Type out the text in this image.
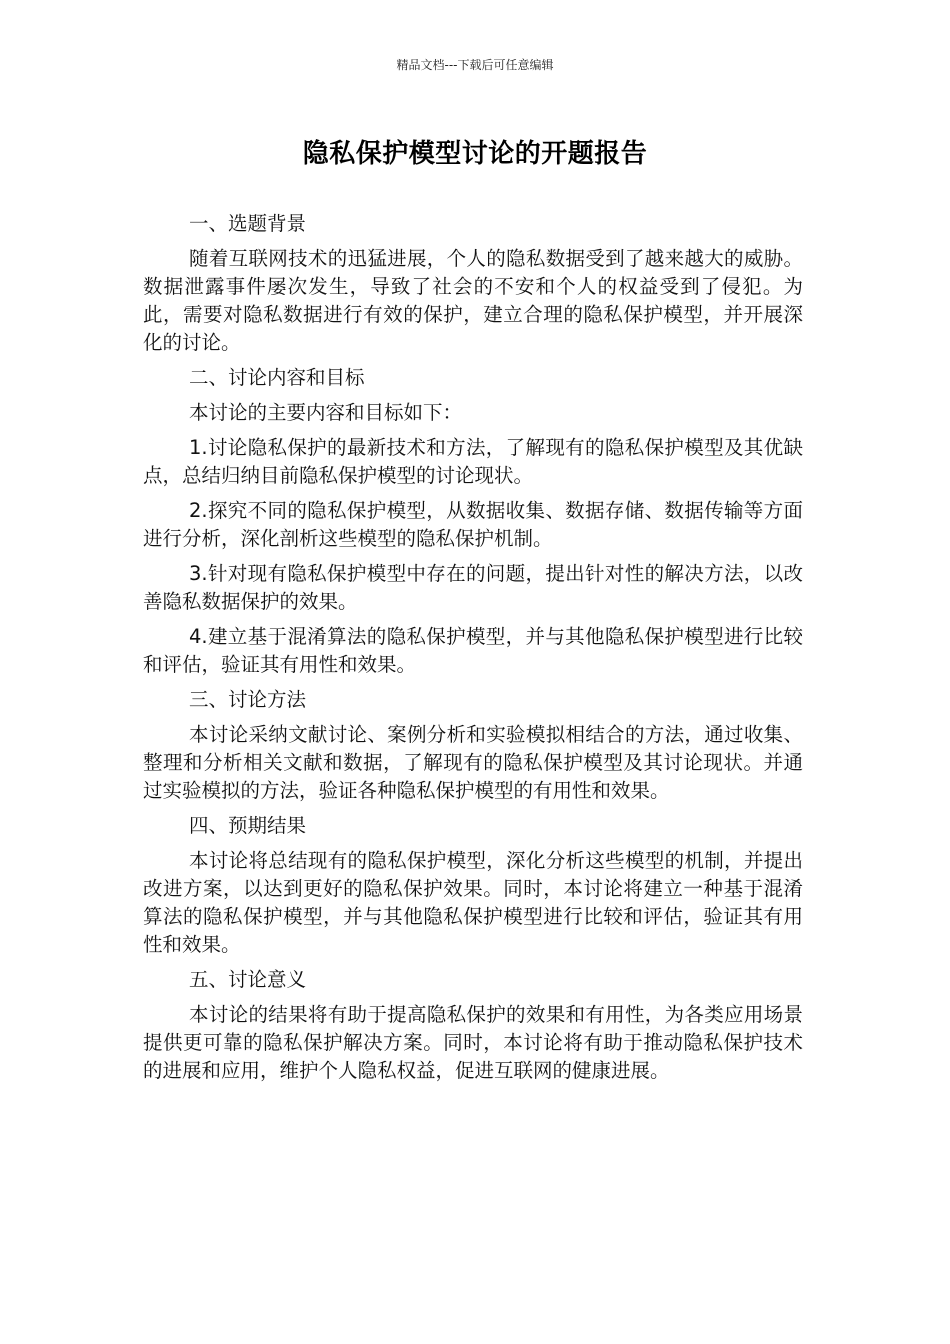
精品文档---下载后可任意编辑
隐私保护模型讨论的开题报告

一、选题背景

随着互联网技术的迅猛进展，个人的隐私数据受到了越来越大的威胁。数据泄露事件屡次发生，导致了社会的不安和个人的权益受到了侵犯。为此，需要对隐私数据进行有效的保护，建立合理的隐私保护模型，并开展深化的讨论。

二、讨论内容和目标

本讨论的主要内容和目标如下：

1.讨论隐私保护的最新技术和方法，了解现有的隐私保护模型及其优缺点，总结归纳目前隐私保护模型的讨论现状。

2.探究不同的隐私保护模型，从数据收集、数据存储、数据传输等方面进行分析，深化剖析这些模型的隐私保护机制。

3.针对现有隐私保护模型中存在的问题，提出针对性的解决方法，以改善隐私数据保护的效果。

4.建立基于混淆算法的隐私保护模型，并与其他隐私保护模型进行比较和评估，验证其有用性和效果。

三、讨论方法

本讨论采纳文献讨论、案例分析和实验模拟相结合的方法，通过收集、整理和分析相关文献和数据，了解现有的隐私保护模型及其讨论现状。并通过实验模拟的方法，验证各种隐私保护模型的有用性和效果。

四、预期结果

本讨论将总结现有的隐私保护模型，深化分析这些模型的机制，并提出改进方案，以达到更好的隐私保护效果。同时，本讨论将建立一种基于混淆算法的隐私保护模型，并与其他隐私保护模型进行比较和评估，验证其有用性和效果。

五、讨论意义

本讨论的结果将有助于提高隐私保护的效果和有用性，为各类应用场景提供更可靠的隐私保护解决方案。同时，本讨论将有助于推动隐私保护技术的进展和应用，维护个人隐私权益，促进互联网的健康进展。
